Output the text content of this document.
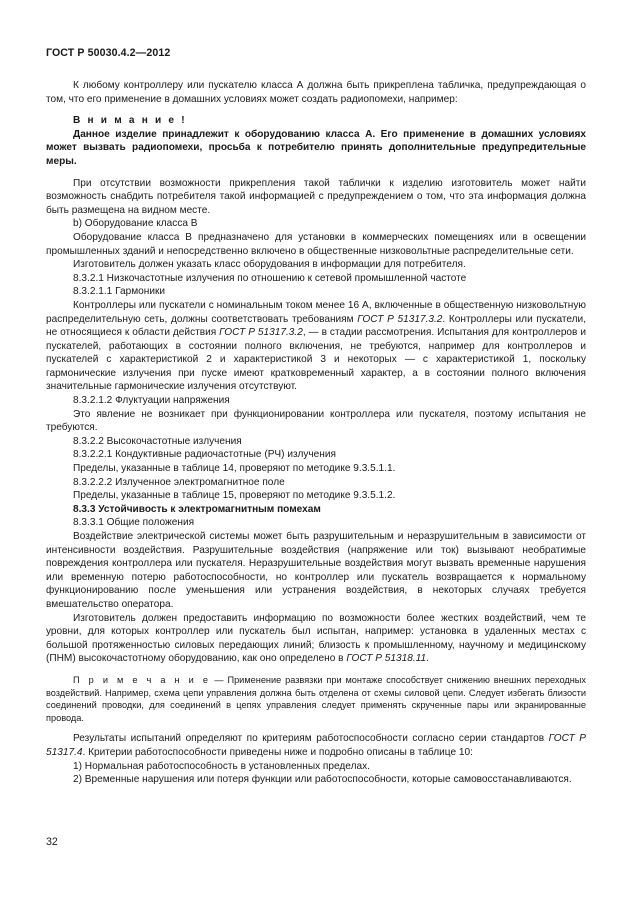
ГОСТ Р 50030.4.2—2012

К любому контроллеру или пускателю класса А должна быть прикреплена табличка, предупреждающая о том, что его применение в домашних условиях может создать радиопомехи, например:

В н и м а н и е !

Данное изделие принадлежит к оборудованию класса А. Его применение в домашних условиях может вызвать радиопомехи, просьба к потребителю принять дополнительные предупредительные меры.

При отсутствии возможности прикрепления такой таблички к изделию изготовитель может найти возможность снабдить потребителя такой информацией с предупреждением о том, что эта информация должна быть размещена на видном месте.

b) Оборудование класса В

Оборудование класса В предназначено для установки в коммерческих помещениях или в освещении промышленных зданий и непосредственно включено в общественные низковольтные распределительные сети.

Изготовитель должен указать класс оборудования в информации для потребителя.

8.3.2.1 Низкочастотные излучения по отношению к сетевой промышленной частоте

8.3.2.1.1 Гармоники

Контроллеры или пускатели с номинальным током менее 16 А, включенные в общественную низковольтную распределительную сеть, должны соответствовать требованиям ГОСТ Р 51317.3.2. Контроллеры или пускатели, не относящиеся к области действия ГОСТ Р 51317.3.2, — в стадии рассмотрения. Испытания для контроллеров и пускателей, работающих в состоянии полного включения, не требуются, например для контроллеров и пускателей с характеристикой 2 и характеристикой 3 и некоторых — с характеристикой 1, поскольку гармонические излучения при пуске имеют кратковременный характер, а в состоянии полного включения значительные гармонические излучения отсутствуют.

8.3.2.1.2 Флуктуации напряжения

Это явление не возникает при функционировании контроллера или пускателя, поэтому испытания не требуются.

8.3.2.2 Высокочастотные излучения

8.3.2.2.1 Кондуктивные радиочастотные (РЧ) излучения

Пределы, указанные в таблице 14, проверяют по методике 9.3.5.1.1.

8.3.2.2.2 Излученное электромагнитное поле

Пределы, указанные в таблице 15, проверяют по методике 9.3.5.1.2.

8.3.3 Устойчивость к электромагнитным помехам

8.3.3.1 Общие положения

Воздействие электрической системы может быть разрушительным и неразрушительным в зависимости от интенсивности воздействия. Разрушительные воздействия (напряжение или ток) вызывают необратимые повреждения контроллера или пускателя. Неразрушительные воздействия могут вызвать временные нарушения или временную потерю работоспособности, но контроллер или пускатель возвращается к нормальному функционированию после уменьшения или устранения воздействия, в некоторых случаях требуется вмешательство оператора.

Изготовитель должен предоставить информацию по возможности более жестких воздействий, чем те уровни, для которых контроллер или пускатель был испытан, например: установка в удаленных местах с большой протяженностью силовых передающих линий; близость к промышленному, научному и медицинскому (ПНМ) высокочастотному оборудованию, как оно определено в ГОСТ Р 51318.11.

П р и м е ч а н и е — Применение развязки при монтаже способствует снижению внешних переходных воздействий. Например, схема цепи управления должна быть отделена от схемы силовой цепи. Следует избегать близости соединений проводки, для соединений в цепях управления следует применять скрученные пары или экранированные провода.

Результаты испытаний определяют по критериям работоспособности согласно серии стандартов ГОСТ Р 51317.4. Критерии работоспособности приведены ниже и подробно описаны в таблице 10:

1) Нормальная работоспособность в установленных пределах.

2) Временные нарушения или потеря функции или работоспособности, которые самовосстанавливаются.

32
